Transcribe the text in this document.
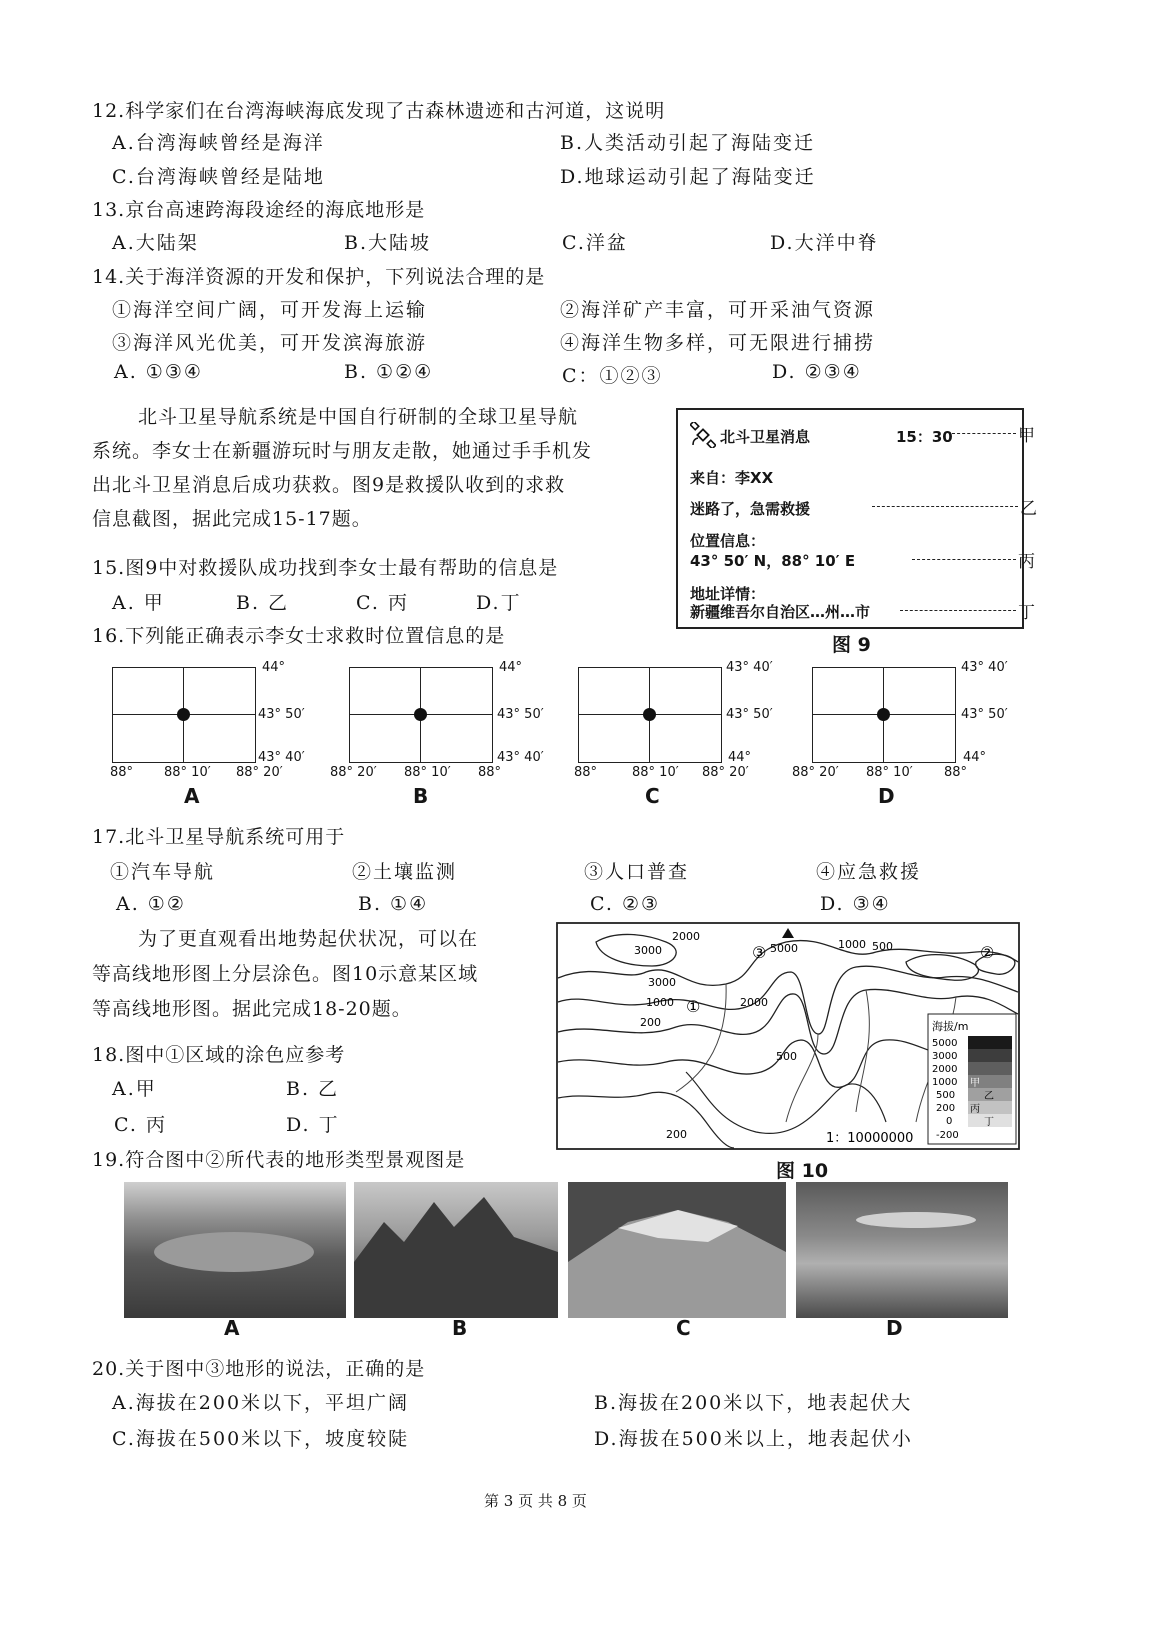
12.科学家们在台湾海峡海底发现了古森林遗迹和古河道，这说明
A.台湾海峡曾经是海洋	B.人类活动引起了海陆变迁
C.台湾海峡曾经是陆地	D.地球运动引起了海陆变迁
13.京台高速跨海段途经的海底地形是
A.大陆架	B.大陆坡	C.洋盆	D.大洋中脊
14.关于海洋资源的开发和保护，下列说法合理的是
①海洋空间广阔，可开发海上运输	②海洋矿产丰富，可开采油气资源
③海洋风光优美，可开发滨海旅游	④海洋生物多样，可无限进行捕捞
A. ①③④	B. ①②④	C：①②③	D. ②③④
北斗卫星导航系统是中国自行研制的全球卫星导航
系统。李女士在新疆游玩时与朋友走散，她通过手手机发
出北斗卫星消息后成功获救。图9是救援队收到的求救
信息截图，据此完成15-17题。
北斗卫星消息	15：30
来自：李XX
迷路了，急需救援
位置信息：
43° 50′ N，88° 10′ E
地址详情：
新疆维吾尔自治区…州…市
甲
乙
丙
丁
图 9
15.图9中对救援队成功找到李女士最有帮助的信息是
A. 甲	B. 乙	C. 丙	D.丁
16.下列能正确表示李女士求救时位置信息的是
44°
43° 50′
43° 40′
88° 88° 10′ 88° 20′
A
44°
43° 50′
43° 40′
88° 20′ 88° 10′ 88°
B
43° 40′
43° 50′
44°
88°	88° 10′ 88° 20′
C
43° 40′
43° 50′
44°
88° 20′ 88° 10′ 88°
D
17.北斗卫星导航系统可用于
①汽车导航	②土壤监测	③人口普查	④应急救援
A. ①②	B. ①④	C. ②③	D. ③④
为了更直观看出地势起伏状况，可以在
等高线地形图上分层涂色。图10示意某区域
等高线地形图。据此完成18-20题。
3000
2000
5000	1000 500
3000
1000	2000
200
500
200
①
②
③
海拔/m
5000
3000
2000
1000
500
200
0
-200
甲
乙
丙
丁
1：10000000
图 10
18.图中①区域的涂色应参考
A.甲	B. 乙
C. 丙	D. 丁
19.符合图中②所代表的地形类型景观图是
A	B	C	D
20.关于图中③地形的说法，正确的是
A.海拔在200米以下，平坦广阔	B.海拔在200米以下，地表起伏大
C.海拔在500米以下，坡度较陡	D.海拔在500米以上，地表起伏小
第 3 页 共 8 页
